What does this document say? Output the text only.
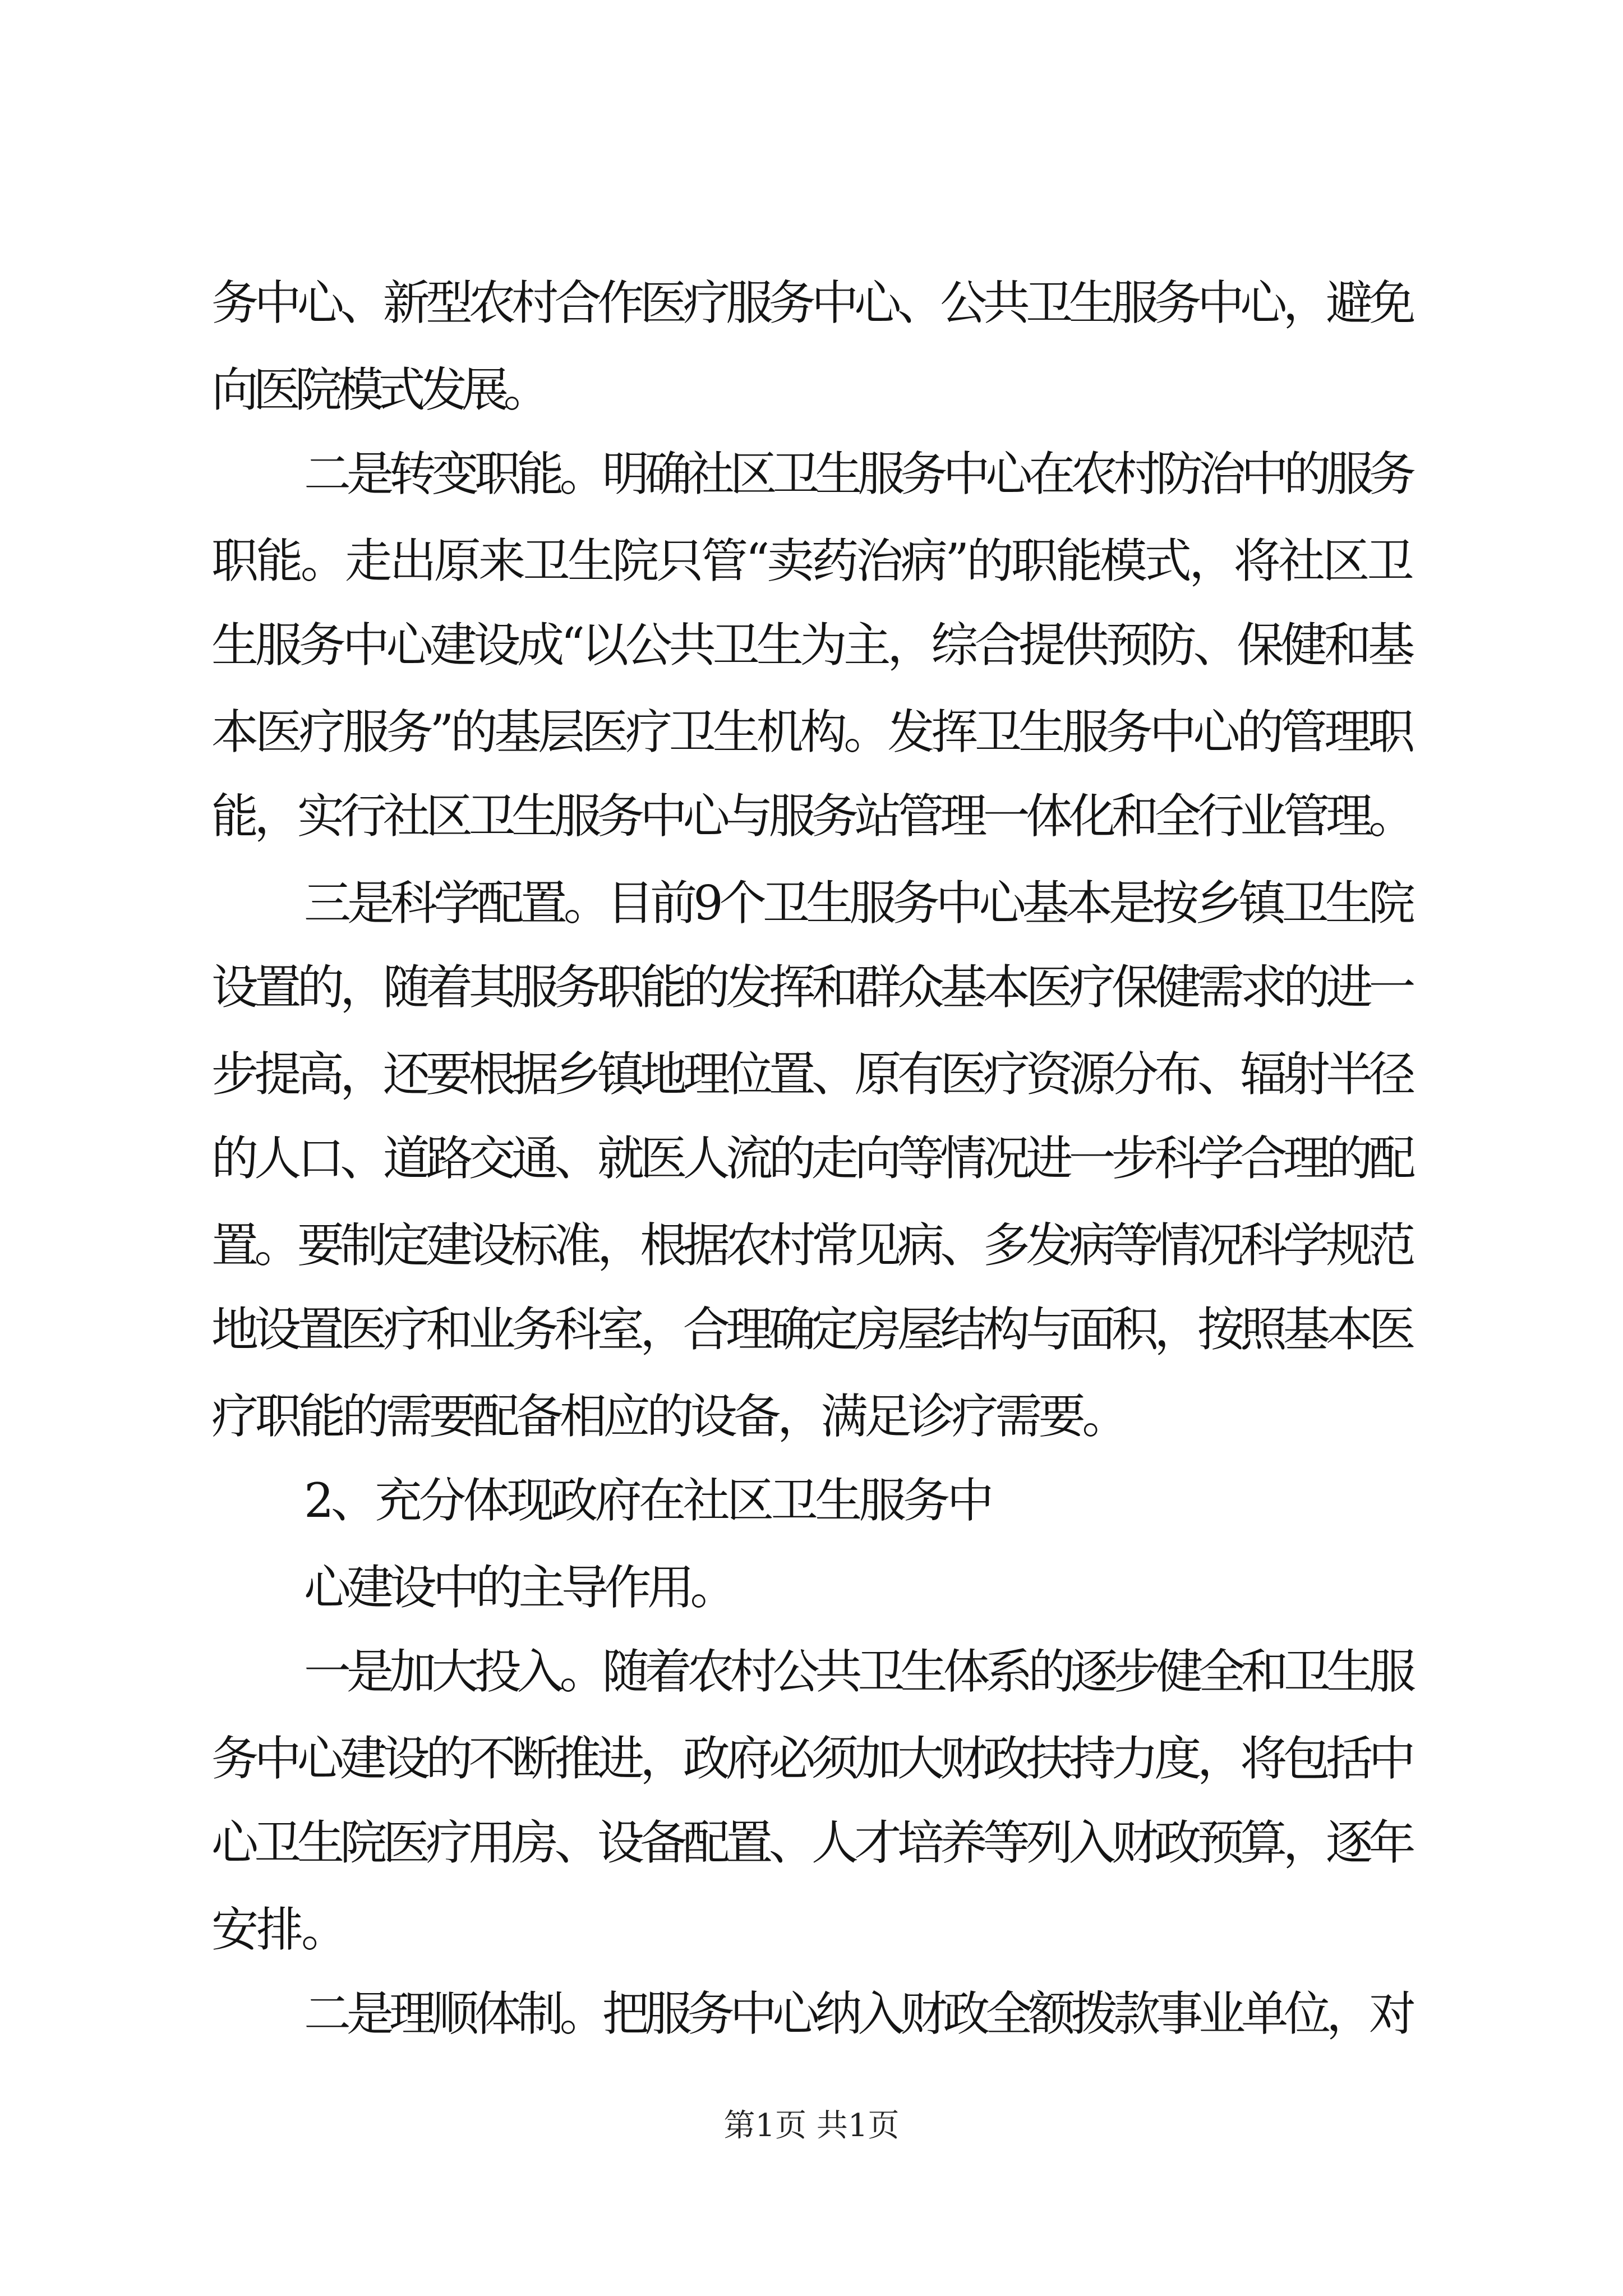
务中心、新型农村合作医疗服务中心、公共卫生服务中心，避免
向医院模式发展。
二是转变职能。明确社区卫生服务中心在农村防治中的服务
职能。走出原来卫生院只管“卖药治病”的职能模式，将社区卫
生服务中心建设成“以公共卫生为主，综合提供预防、保健和基
本医疗服务”的基层医疗卫生机构。发挥卫生服务中心的管理职
能，实行社区卫生服务中心与服务站管理一体化和全行业管理。
三是科学配置。目前9个卫生服务中心基本是按乡镇卫生院
设置的，随着其服务职能的发挥和群众基本医疗保健需求的进一
步提高，还要根据乡镇地理位置、原有医疗资源分布、辐射半径
的人口、道路交通、就医人流的走向等情况进一步科学合理的配
置。要制定建设标准，根据农村常见病、多发病等情况科学规范
地设置医疗和业务科室，合理确定房屋结构与面积，按照基本医
疗职能的需要配备相应的设备，满足诊疗需要。
2、充分体现政府在社区卫生服务中
心建设中的主导作用。
一是加大投入。随着农村公共卫生体系的逐步健全和卫生服
务中心建设的不断推进，政府必须加大财政扶持力度，将包括中
心卫生院医疗用房、设备配置、人才培养等列入财政预算，逐年
安排。
二是理顺体制。把服务中心纳入财政全额拨款事业单位，对
第1页 共1页
